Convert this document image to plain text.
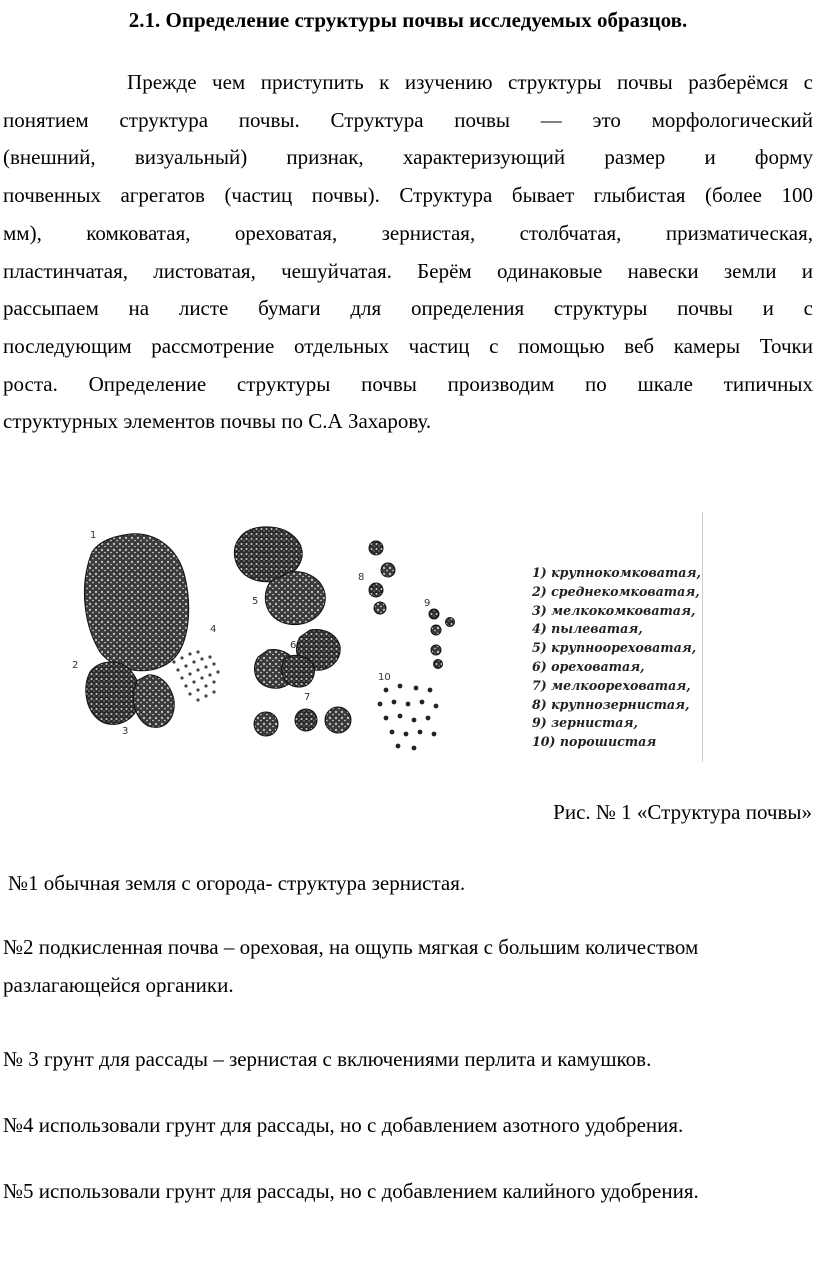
2.1. Определение структуры почвы исследуемых образцов.
Прежде чем приступить к изучению структуры почвы разберёмся с
понятием структура почвы. Структура почвы — это морфологический
(внешний, визуальный) признак, характеризующий размер и форму
почвенных агрегатов (частиц почвы). Структура бывает глыбистая (более 100
мм), комковатая, ореховатая, зернистая, столбчатая, призматическая,
пластинчатая, листоватая, чешуйчатая. Берём одинаковые навески земли и
рассыпаем на листе бумаги для определения структуры почвы и с
последующим рассмотрение отдельных частиц с помощью веб камеры Точки
роста. Определение структуры почвы производим по шкале типичных
структурных элементов почвы по С.А Захарову.
1
2
3
4
5
6
7
8
9
10
1) крупнокомковатая,
2) среднекомковатая,
3) мелкокомковатая,
4) пылеватая,
5) крупноореховатая,
6) ореховатая,
7) мелкоореховатая,
8) крупнозернистая,
9) зернистая,
10) порошистая
Рис. № 1 «Структура почвы»
№1 обычная земля с огорода- структура зернистая.
№2 подкисленная почва – ореховая, на ощупь мягкая с большим количеством
разлагающейся органики.
№ 3 грунт для рассады – зернистая с включениями перлита и камушков.
№4 использовали грунт для рассады, но с добавлением азотного удобрения.
№5 использовали грунт для рассады, но с добавлением калийного удобрения.
